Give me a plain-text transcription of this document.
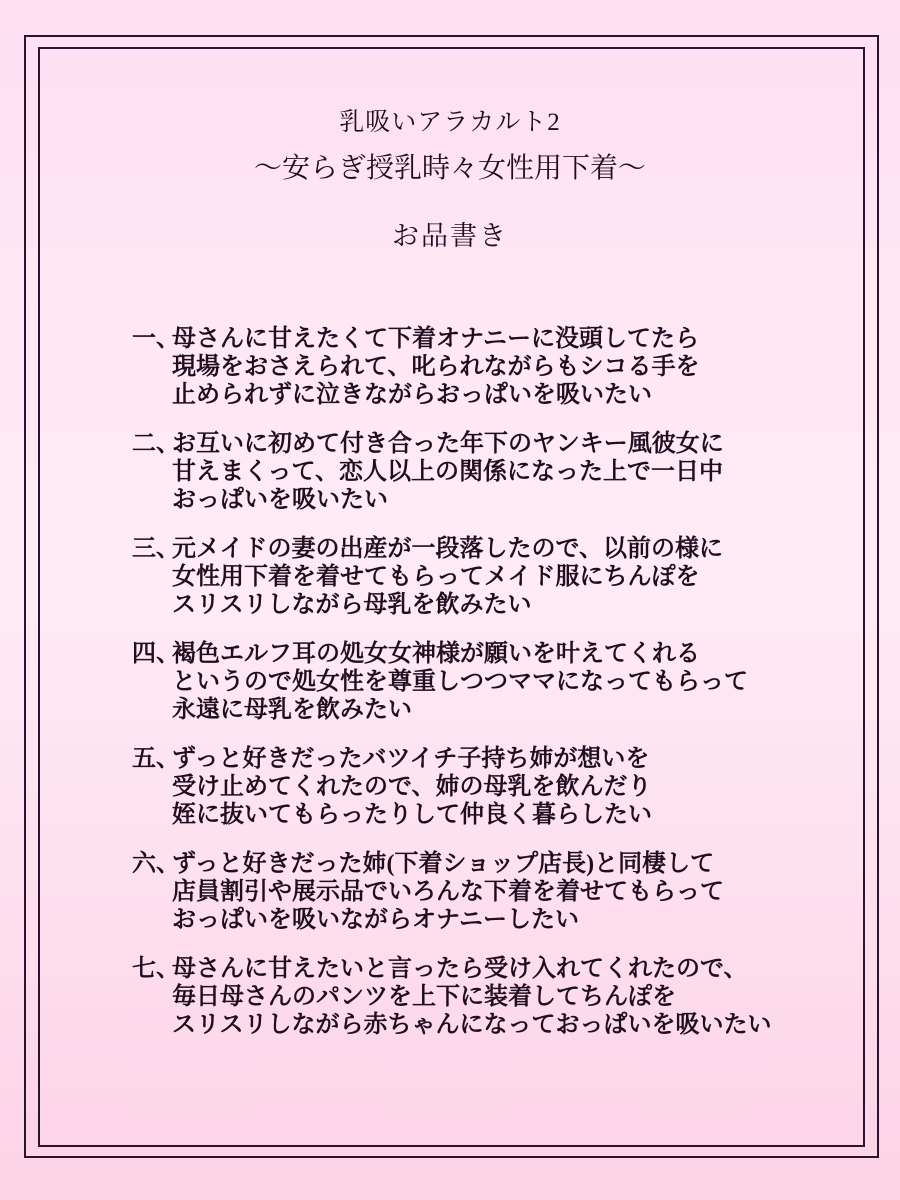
乳吸いアラカルト2
～安らぎ授乳時々女性用下着～
お品書き
一、母さんに甘えたくて下着オナニーに没頭してたら
現場をおさえられて、叱られながらもシコる手を
止められずに泣きながらおっぱいを吸いたい
二、お互いに初めて付き合った年下のヤンキー風彼女に
甘えまくって、恋人以上の関係になった上で一日中
おっぱいを吸いたい
三、元メイドの妻の出産が一段落したので、以前の様に
女性用下着を着せてもらってメイド服にちんぽを
スリスリしながら母乳を飲みたい
四、褐色エルフ耳の処女女神様が願いを叶えてくれる
というので処女性を尊重しつつママになってもらって
永遠に母乳を飲みたい
五、ずっと好きだったバツイチ子持ち姉が想いを
受け止めてくれたので、姉の母乳を飲んだり
姪に抜いてもらったりして仲良く暮らしたい
六、ずっと好きだった姉(下着ショップ店長)と同棲して
店員割引や展示品でいろんな下着を着せてもらって
おっぱいを吸いながらオナニーしたい
七、母さんに甘えたいと言ったら受け入れてくれたので、
毎日母さんのパンツを上下に装着してちんぽを
スリスリしながら赤ちゃんになっておっぱいを吸いたい
